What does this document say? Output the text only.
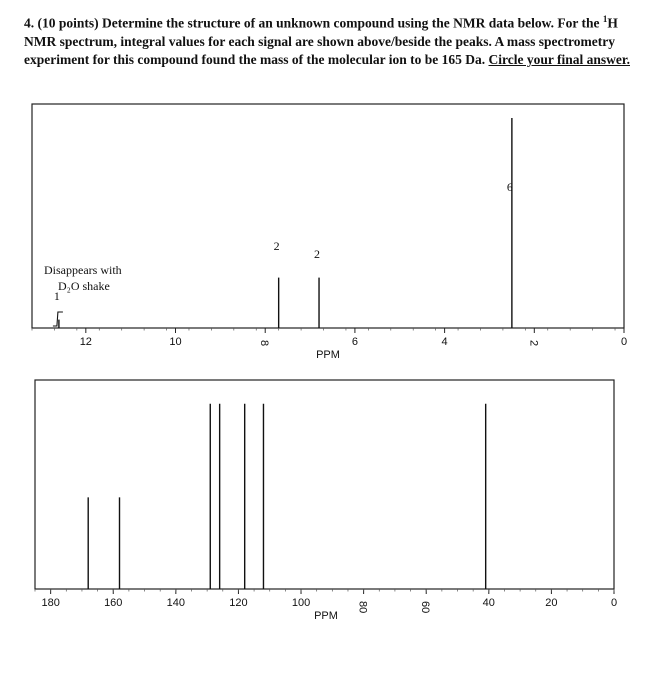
4. (10 points) Determine the structure of an unknown compound using the NMR data below. For the $^1$H NMR spectrum, integral values for each signal are shown above/beside the peaks. A mass spectrometry experiment for this compound found the mass of the molecular ion to be 165 Da. Circle your final answer.
12	10	8	6	4	2	0
PPM
1
2
2
6
Disappears with
D₂O shake
180	160	140	120	100	80	60	40	20	0
PPM
